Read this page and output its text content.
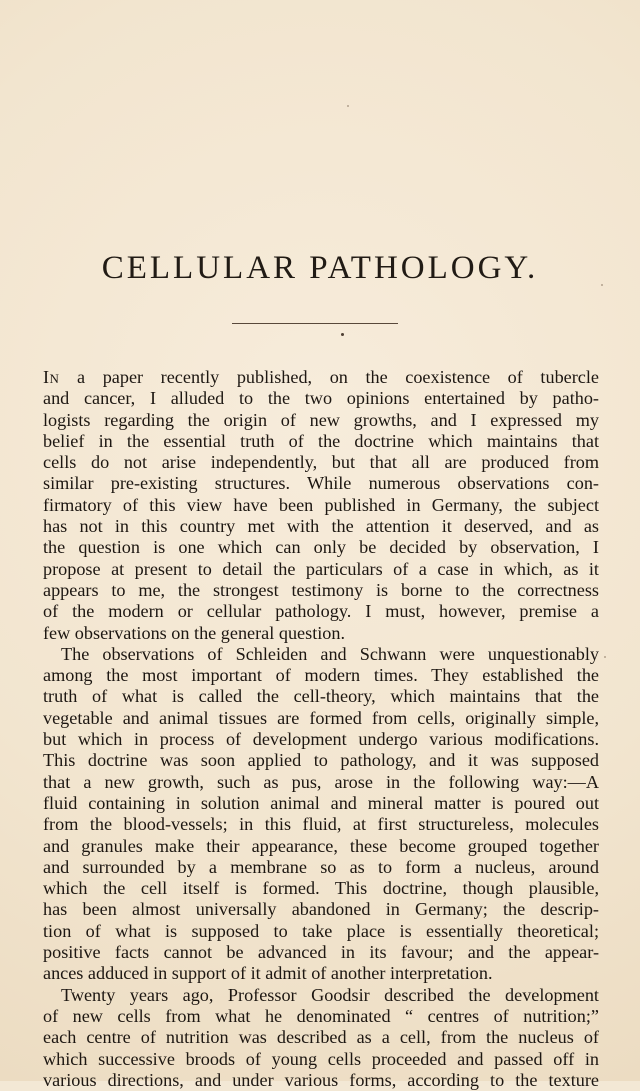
CELLULAR PATHOLOGY.
In a paper recently published, on the coexistence of tubercle
and cancer, I alluded to the two opinions entertained by patho-
logists regarding the origin of new growths, and I expressed my
belief in the essential truth of the doctrine which maintains that
cells do not arise independently, but that all are produced from
similar pre-existing structures. While numerous observations con-
firmatory of this view have been published in Germany, the subject
has not in this country met with the attention it deserved, and as
the question is one which can only be decided by observation, I
propose at present to detail the particulars of a case in which, as it
appears to me, the strongest testimony is borne to the correctness
of the modern or cellular pathology. I must, however, premise a
few observations on the general question.
The observations of Schleiden and Schwann were unquestionably
among the most important of modern times. They established the
truth of what is called the cell-theory, which maintains that the
vegetable and animal tissues are formed from cells, originally simple,
but which in process of development undergo various modifications.
This doctrine was soon applied to pathology, and it was supposed
that a new growth, such as pus, arose in the following way:—A
fluid containing in solution animal and mineral matter is poured out
from the blood-vessels; in this fluid, at first structureless, molecules
and granules make their appearance, these become grouped together
and surrounded by a membrane so as to form a nucleus, around
which the cell itself is formed. This doctrine, though plausible,
has been almost universally abandoned in Germany; the descrip-
tion of what is supposed to take place is essentially theoretical;
positive facts cannot be advanced in its favour; and the appear-
ances adduced in support of it admit of another interpretation.
Twenty years ago, Professor Goodsir described the development
of new cells from what he denominated “ centres of nutrition;”
each centre of nutrition was described as a cell, from the nucleus of
which successive broods of young cells proceeded and passed off in
various directions, and under various forms, according to the texture
